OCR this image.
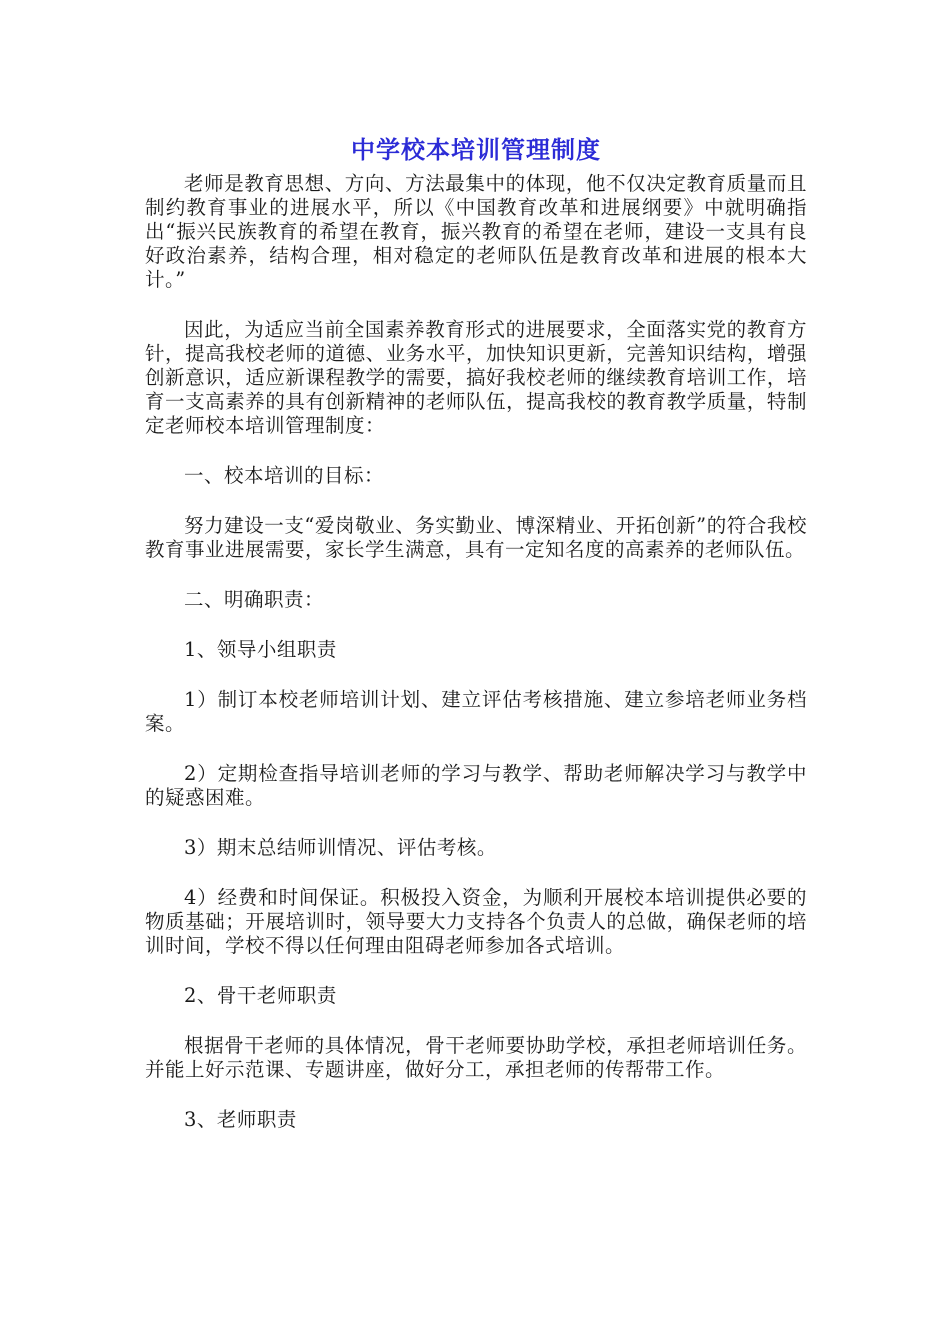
中学校本培训管理制度

老师是教育思想、方向、方法最集中的体现，他不仅决定教育质量而且制约教育事业的进展水平，所以《中国教育改革和进展纲要》中就明确指出“振兴民族教育的希望在教育，振兴教育的希望在老师，建设一支具有良好政治素养，结构合理，相对稳定的老师队伍是教育改革和进展的根本大计。”

因此，为适应当前全国素养教育形式的进展要求，全面落实党的教育方针，提高我校老师的道德、业务水平，加快知识更新，完善知识结构，增强创新意识，适应新课程教学的需要，搞好我校老师的继续教育培训工作，培育一支高素养的具有创新精神的老师队伍，提高我校的教育教学质量，特制定老师校本培训管理制度：

一、校本培训的目标：

努力建设一支“爱岗敬业、务实勤业、博深精业、开拓创新”的符合我校教育事业进展需要，家长学生满意，具有一定知名度的高素养的老师队伍。

二、明确职责：

1、领导小组职责

1）制订本校老师培训计划、建立评估考核措施、建立参培老师业务档案。

2）定期检查指导培训老师的学习与教学、帮助老师解决学习与教学中的疑惑困难。

3）期末总结师训情况、评估考核。

4）经费和时间保证。积极投入资金，为顺利开展校本培训提供必要的物质基础；开展培训时，领导要大力支持各个负责人的总做，确保老师的培训时间，学校不得以任何理由阻碍老师参加各式培训。

2、骨干老师职责

根据骨干老师的具体情况，骨干老师要协助学校，承担老师培训任务。并能上好示范课、专题讲座，做好分工，承担老师的传帮带工作。

3、老师职责
